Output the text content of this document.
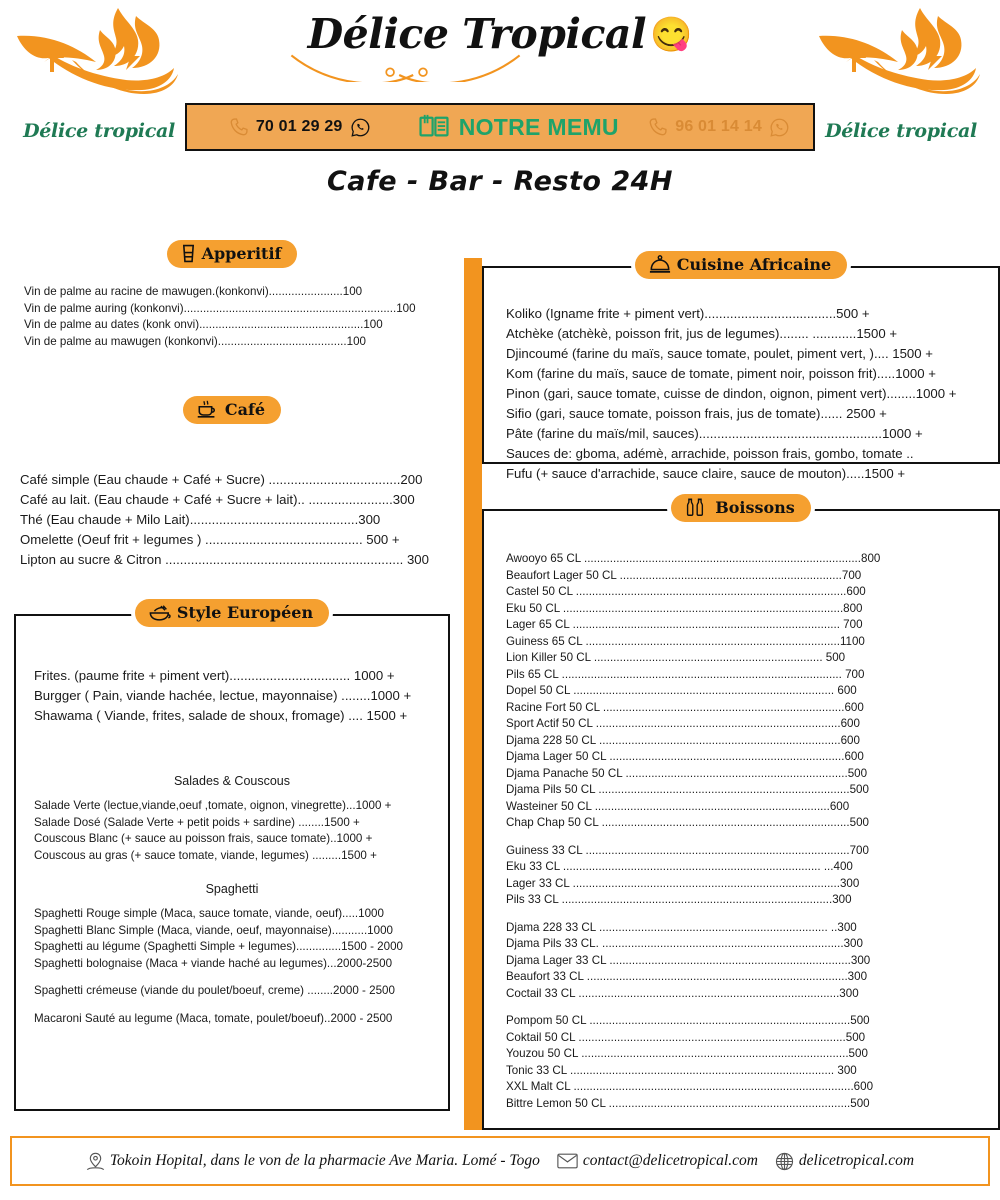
Délice tropical	Délice tropical
Délice Tropical 😋
70 01 29 29	NOTRE MEMU	96 01 14 14
Cafe - Bar - Resto 24H
Apperitif
Vin de palme au racine de mawugen.(konkonvi).......................100
Vin de palme auring (konkonvi)..................................................................100
Vin de palme au dates (konk onvi)...................................................100
Vin de palme au mawugen (konkonvi)........................................100
Café
Café simple (Eau chaude + Café + Sucre) ....................................200
Café au lait. (Eau chaude + Café + Sucre + lait).. .......................300
Thé (Eau chaude + Milo Lait)..............................................300
Omelette (Oeuf frit + legumes ) ........................................... 500 +
Lipton au sucre & Citron ................................................................. 300
Style Européen
Frites. (paume frite + piment vert)................................. 1000 +
Burgger ( Pain, viande hachée, lectue, mayonnaise) ........1000 +
Shawama ( Viande, frites, salade de shoux, fromage) .... 1500 +
Salades & Couscous
Salade Verte (lectue,viande,oeuf ,tomate, oignon, vinegrette)...1000 +
Salade Dosé (Salade Verte + petit poids + sardine) ........1500 +
Couscous Blanc (+ sauce au poisson frais, sauce tomate)..1000 +
Couscous au gras (+ sauce tomate, viande, legumes) .........1500 +
Spaghetti
Spaghetti Rouge simple (Maca, sauce tomate, viande, oeuf).....1000
Spaghetti Blanc Simple (Maca, viande, oeuf, mayonnaise)...........1000
Spaghetti au légume (Spaghetti Simple + legumes)..............1500 - 2000
Spaghetti bolognaise (Maca + viande haché au legumes)...2000-2500
Spaghetti crémeuse (viande du poulet/boeuf, creme) ........2000 - 2500
Macaroni Sauté au legume (Maca, tomate, poulet/boeuf)..2000 - 2500
Cuisine Africaine
Koliko (Igname frite + piment vert)....................................500 +
Atchèke (atchèkè, poisson frit, jus de legumes)........ ............1500 +
Djincoumé (farine du maïs, sauce tomate, poulet, piment vert, ).... 1500 +
Kom (farine du maïs, sauce de tomate, piment noir, poisson frit).....1000 +
Pinon (gari, sauce tomate, cuisse de dindon, oignon, piment vert)........1000 +
Sifio (gari, sauce tomate, poisson frais, jus de tomate)...... 2500 +
Pâte (farine du maïs/mil, sauces)..................................................1000 +
Sauces de: gboma, adémè, arrachide, poisson frais, gombo, tomate ..
Fufu (+ sauce d'arrachide, sauce claire, sauce de mouton).....1500 +
Boissons
Awooyo 65 CL ......................................................................................800
Beaufort Lager 50 CL .....................................................................700
Castel 50 CL ....................................................................................600
Eku 50 CL .......................................................................................800
Lager 65 CL ................................................................................... 700
Guiness 65 CL ...............................................................................1100
Lion Killer 50 CL ....................................................................... 500
Pils 65 CL ....................................................................................... 700
Dopel 50 CL ................................................................................. 600
Racine Fort 50 CL ...........................................................................600
Sport Actif 50 CL ............................................................................600
Djama 228 50 CL ...........................................................................600
Djama Lager 50 CL .........................................................................600
Djama Panache 50 CL .....................................................................500
Djama Pils 50 CL ..............................................................................500
Wasteiner 50 CL .........................................................................600
Chap Chap 50 CL .............................................................................500
Guiness 33 CL ..................................................................................700
Eku 33 CL ................................................................................ ...400
Lager 33 CL ...................................................................................300
Pils 33 CL ....................................................................................300
Djama 228 33 CL ....................................................................... ..300
Djama Pils 33 CL. ...........................................................................300
Djama Lager 33 CL ...........................................................................300
Beaufort 33 CL .................................................................................300
Coctail 33 CL .................................................................................300
Pompom 50 CL .................................................................................500
Coktail 50 CL ...................................................................................500
Youzou 50 CL ...................................................................................500
Tonic 33 CL .................................................................................. 300
XXL Malt CL .......................................................................................600
Bittre Lemon 50 CL ...........................................................................500
Tokoin Hopital, dans le von de la pharmacie Ave Maria. Lomé - Togo	contact@delicetropical.com	delicetropical.com
